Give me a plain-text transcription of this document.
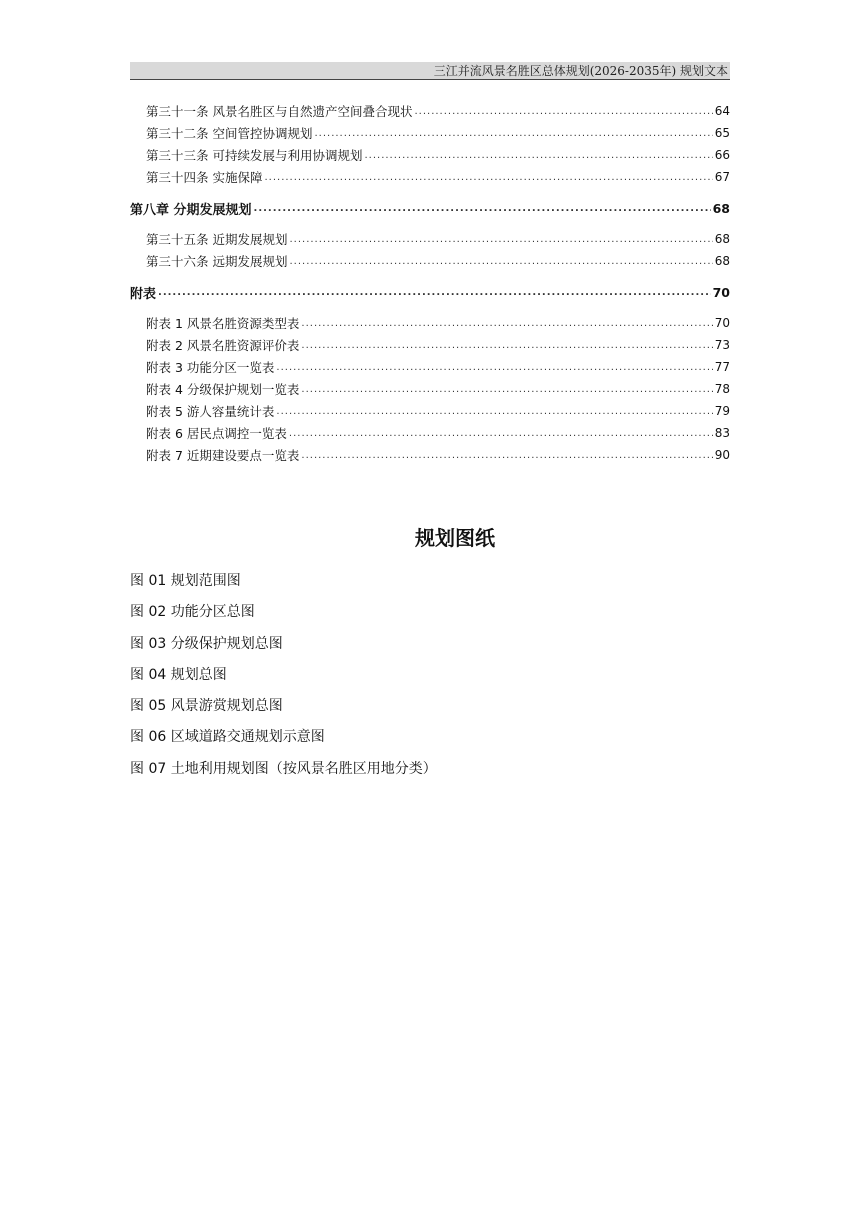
三江并流风景名胜区总体规划(2026-2035年) 规划文本
第三十一条 风景名胜区与自然遗产空间叠合现状 .....	64
第三十二条 空间管控协调规划 .....	65
第三十三条 可持续发展与利用协调规划 .....	66
第三十四条 实施保障 .....	67
第八章 分期发展规划 .....	68
第三十五条 近期发展规划 .....	68
第三十六条 远期发展规划 .....	68
附表 .....	70
附表 1 风景名胜资源类型表 .....	70
附表 2 风景名胜资源评价表 .....	73
附表 3 功能分区一览表 .....	77
附表 4 分级保护规划一览表 .....	78
附表 5 游人容量统计表 .....	79
附表 6 居民点调控一览表 .....	83
附表 7 近期建设要点一览表 .....	90
规划图纸
图 01 规划范围图
图 02 功能分区总图
图 03 分级保护规划总图
图 04 规划总图
图 05 风景游赏规划总图
图 06 区域道路交通规划示意图
图 07 土地利用规划图（按风景名胜区用地分类）
